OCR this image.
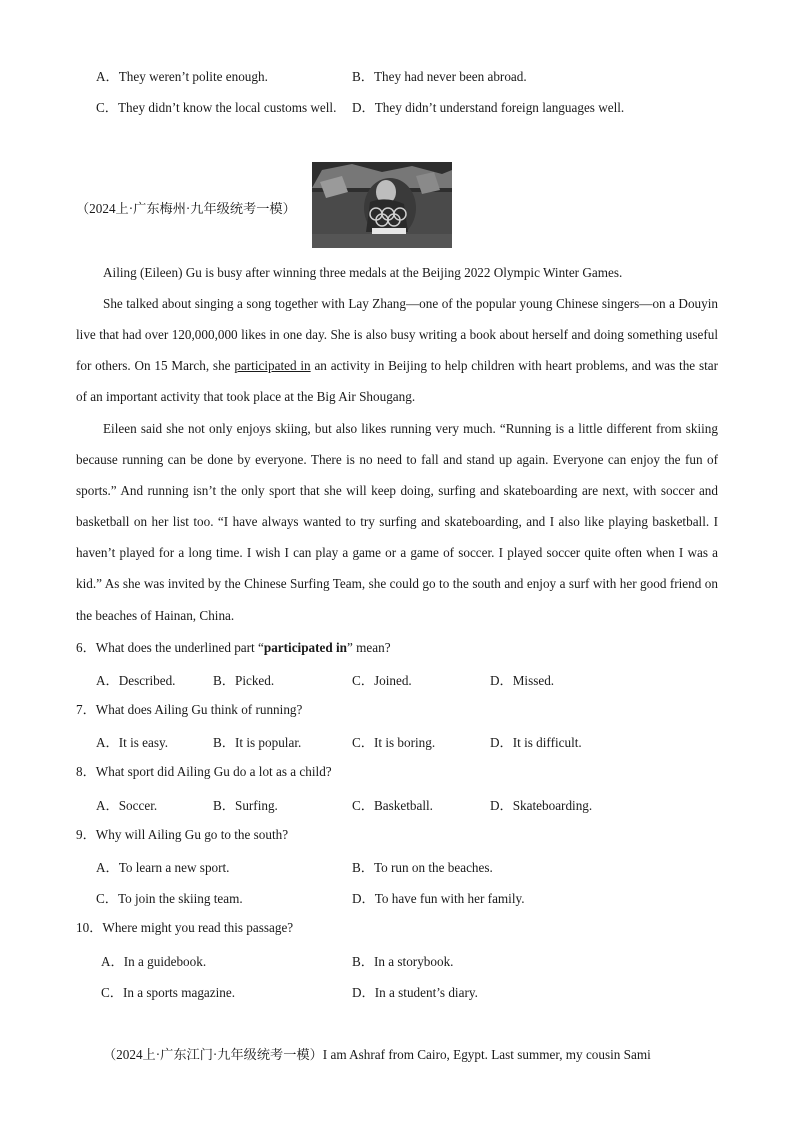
A．They weren’t polite enough.	B．They had never been abroad.
C．They didn’t know the local customs well. D．They didn’t understand foreign languages well.
（2024上·广东梅州·九年级统考一模）
Ailing (Eileen) Gu is busy after winning three medals at the Beijing 2022 Olympic Winter Games.
She talked about singing a song together with Lay Zhang—one of the popular young Chinese singers—on a Douyin live that had over 120,000,000 likes in one day. She is also busy writing a book about herself and doing something useful for others. On 15 March, she participated in an activity in Beijing to help children with heart problems, and was the star of an important activity that took place at the Big Air Shougang.
Eileen said she not only enjoys skiing, but also likes running very much. “Running is a little different from skiing because running can be done by everyone. There is no need to fall and stand up again. Everyone can enjoy the fun of sports.” And running isn’t the only sport that she will keep doing, surfing and skateboarding are next, with soccer and basketball on her list too. “I have always wanted to try surfing and skateboarding, and I also like playing basketball. I haven’t played for a long time. I wish I can play a game or a game of soccer. I played soccer quite often when I was a kid.” As she was invited by the Chinese Surfing Team, she could go to the south and enjoy a surf with her good friend on the beaches of Hainan, China.
6．What does the underlined part “participated in” mean?
A．Described.	B．Picked.	C．Joined.	D．Missed.
7．What does Ailing Gu think of running?
A．It is easy.	B．It is popular.	C．It is boring.	D．It is difficult.
8．What sport did Ailing Gu do a lot as a child?
A．Soccer.	B．Surfing.	C．Basketball.	D．Skateboarding.
9．Why will Ailing Gu go to the south?
A．To learn a new sport.	B．To run on the beaches.
C．To join the skiing team.	D．To have fun with her family.
10．Where might you read this passage?
A．In a guidebook.	B．In a storybook.
C．In a sports magazine.	D．In a student’s diary.
（2024上·广东江门·九年级统考一模）I am Ashraf from Cairo, Egypt. Last summer, my cousin Sami
